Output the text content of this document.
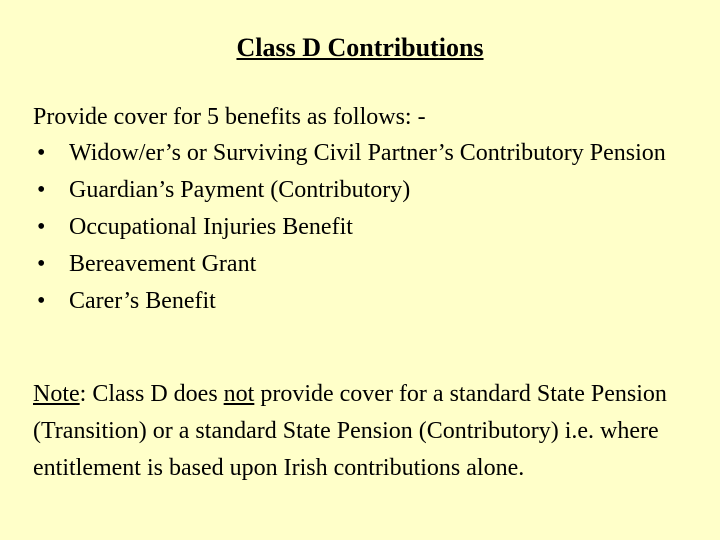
Class D Contributions
Provide cover for 5 benefits as follows: -
• Widow/er’s or Surviving Civil Partner’s Contributory Pension
• Guardian’s Payment (Contributory)
• Occupational Injuries Benefit
• Bereavement Grant
• Carer’s Benefit

Note: Class D does not provide cover for a standard State Pension (Transition) or a standard State Pension (Contributory) i.e. where entitlement is based upon Irish contributions alone.
